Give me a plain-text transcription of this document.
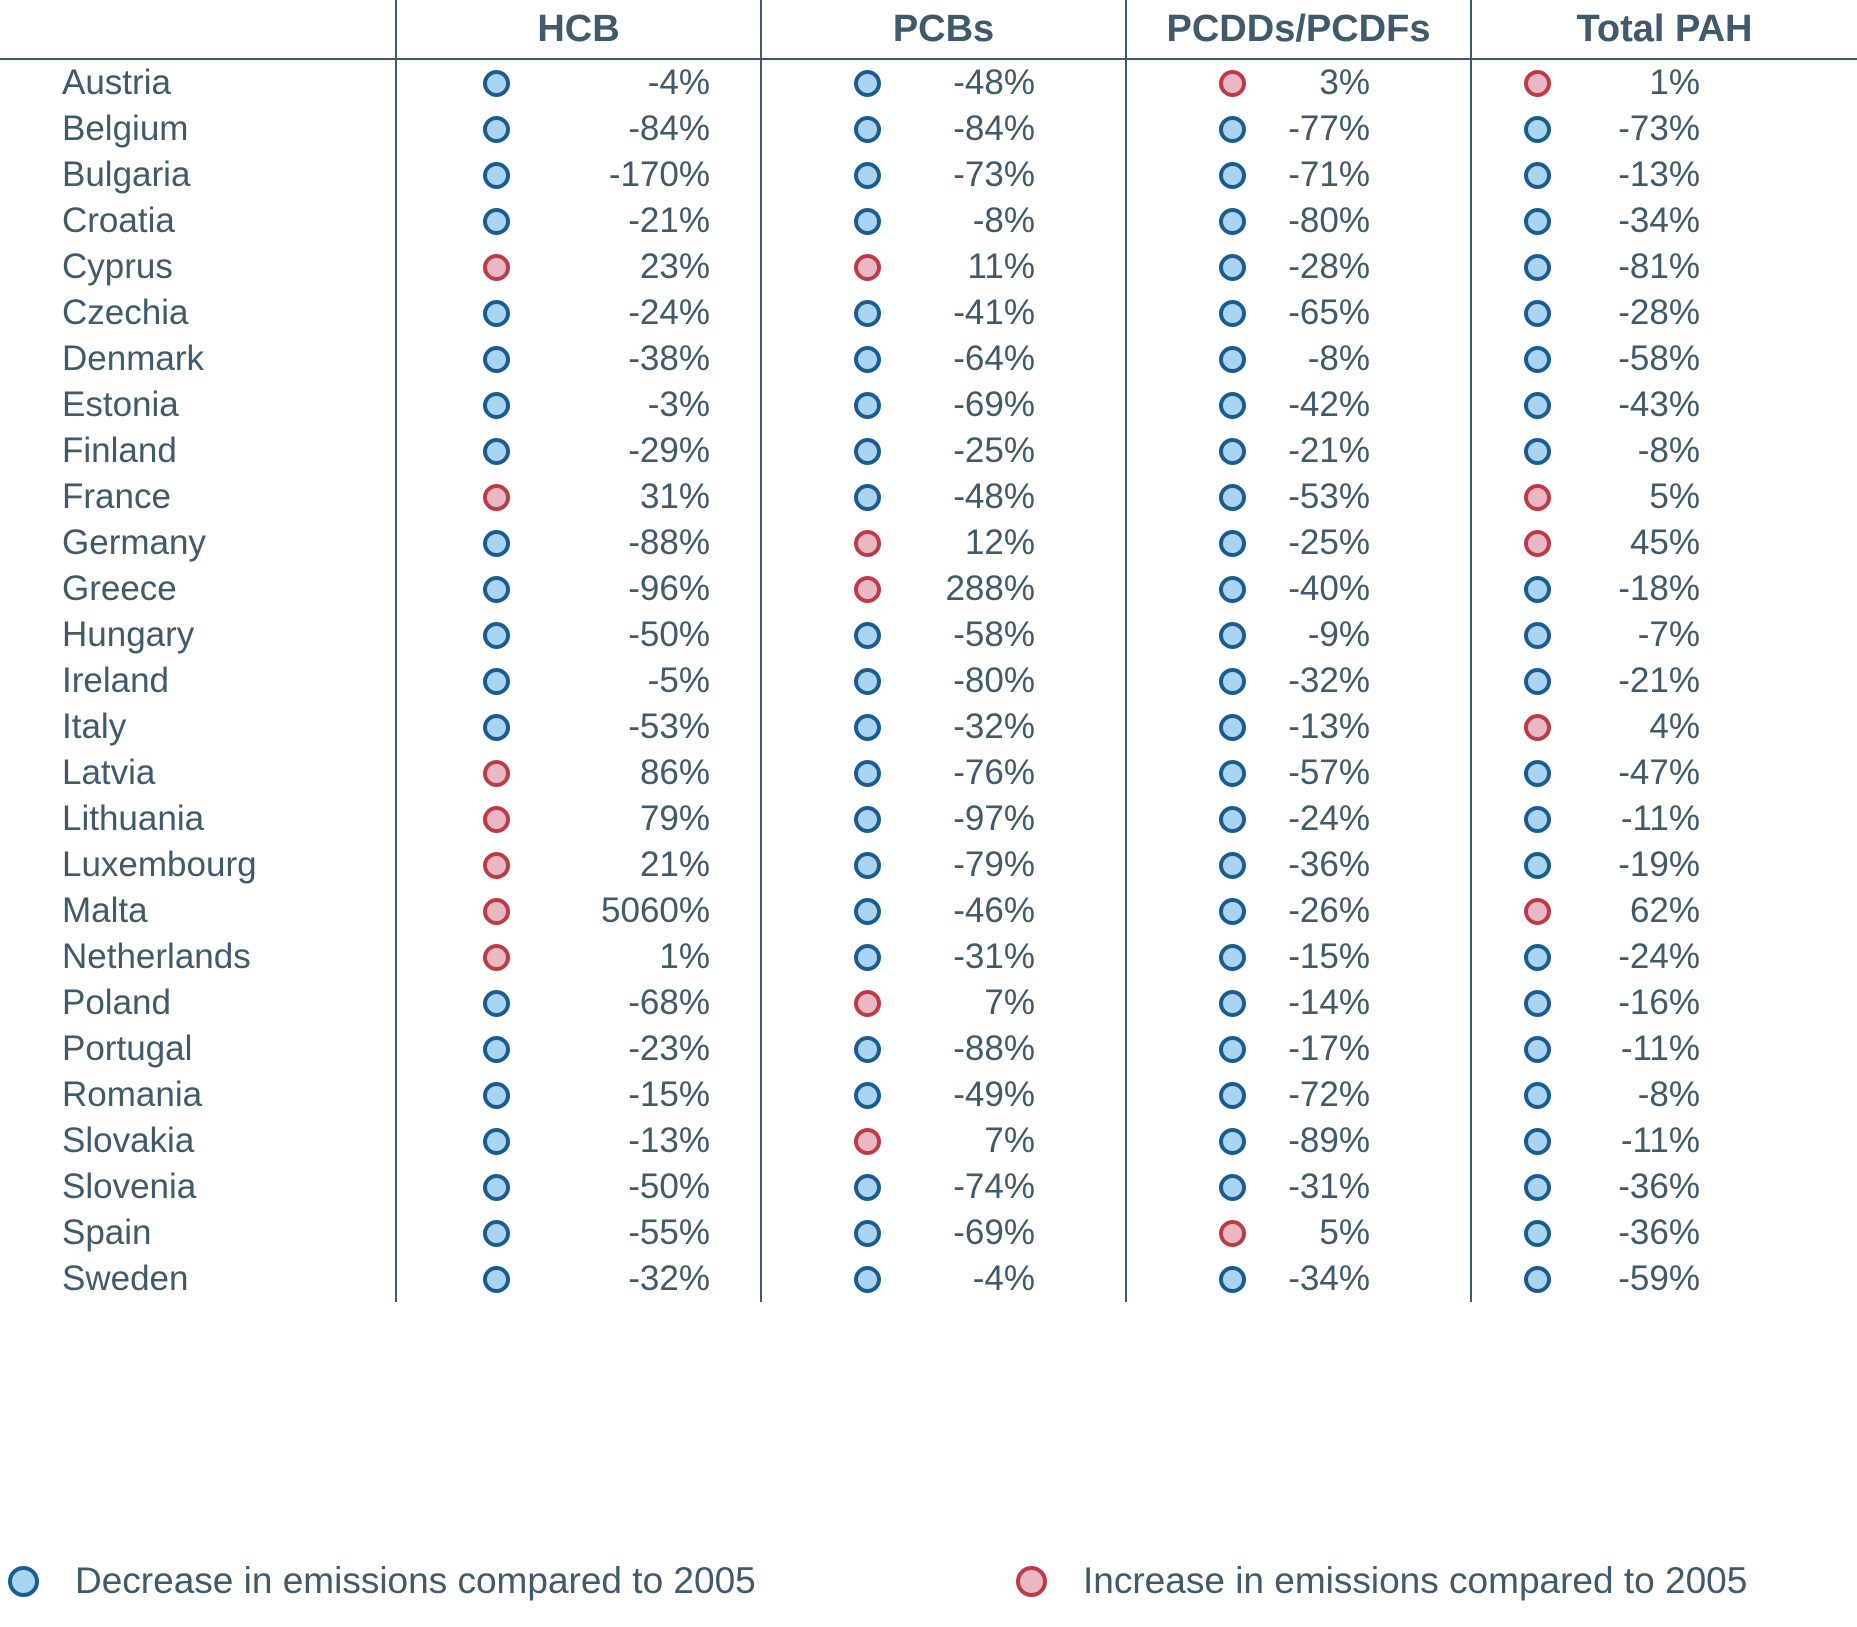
HCB	PCBs	PCDDs/PCDFs	Total PAH
Austria	-4%	-48%	3%	1%
Belgium	-84%	-84%	-77%	-73%
Bulgaria	-170%	-73%	-71%	-13%
Croatia	-21%	-8%	-80%	-34%
Cyprus	23%	11%	-28%	-81%
Czechia	-24%	-41%	-65%	-28%
Denmark	-38%	-64%	-8%	-58%
Estonia	-3%	-69%	-42%	-43%
Finland	-29%	-25%	-21%	-8%
France	31%	-48%	-53%	5%
Germany	-88%	12%	-25%	45%
Greece	-96%	288%	-40%	-18%
Hungary	-50%	-58%	-9%	-7%
Ireland	-5%	-80%	-32%	-21%
Italy	-53%	-32%	-13%	4%
Latvia	86%	-76%	-57%	-47%
Lithuania	79%	-97%	-24%	-11%
Luxembourg	21%	-79%	-36%	-19%
Malta	5060%	-46%	-26%	62%
Netherlands	1%	-31%	-15%	-24%
Poland	-68%	7%	-14%	-16%
Portugal	-23%	-88%	-17%	-11%
Romania	-15%	-49%	-72%	-8%
Slovakia	-13%	7%	-89%	-11%
Slovenia	-50%	-74%	-31%	-36%
Spain	-55%	-69%	5%	-36%
Sweden	-32%	-4%	-34%	-59%
Decrease in emissions compared to 2005	Increase in emissions compared to 2005
